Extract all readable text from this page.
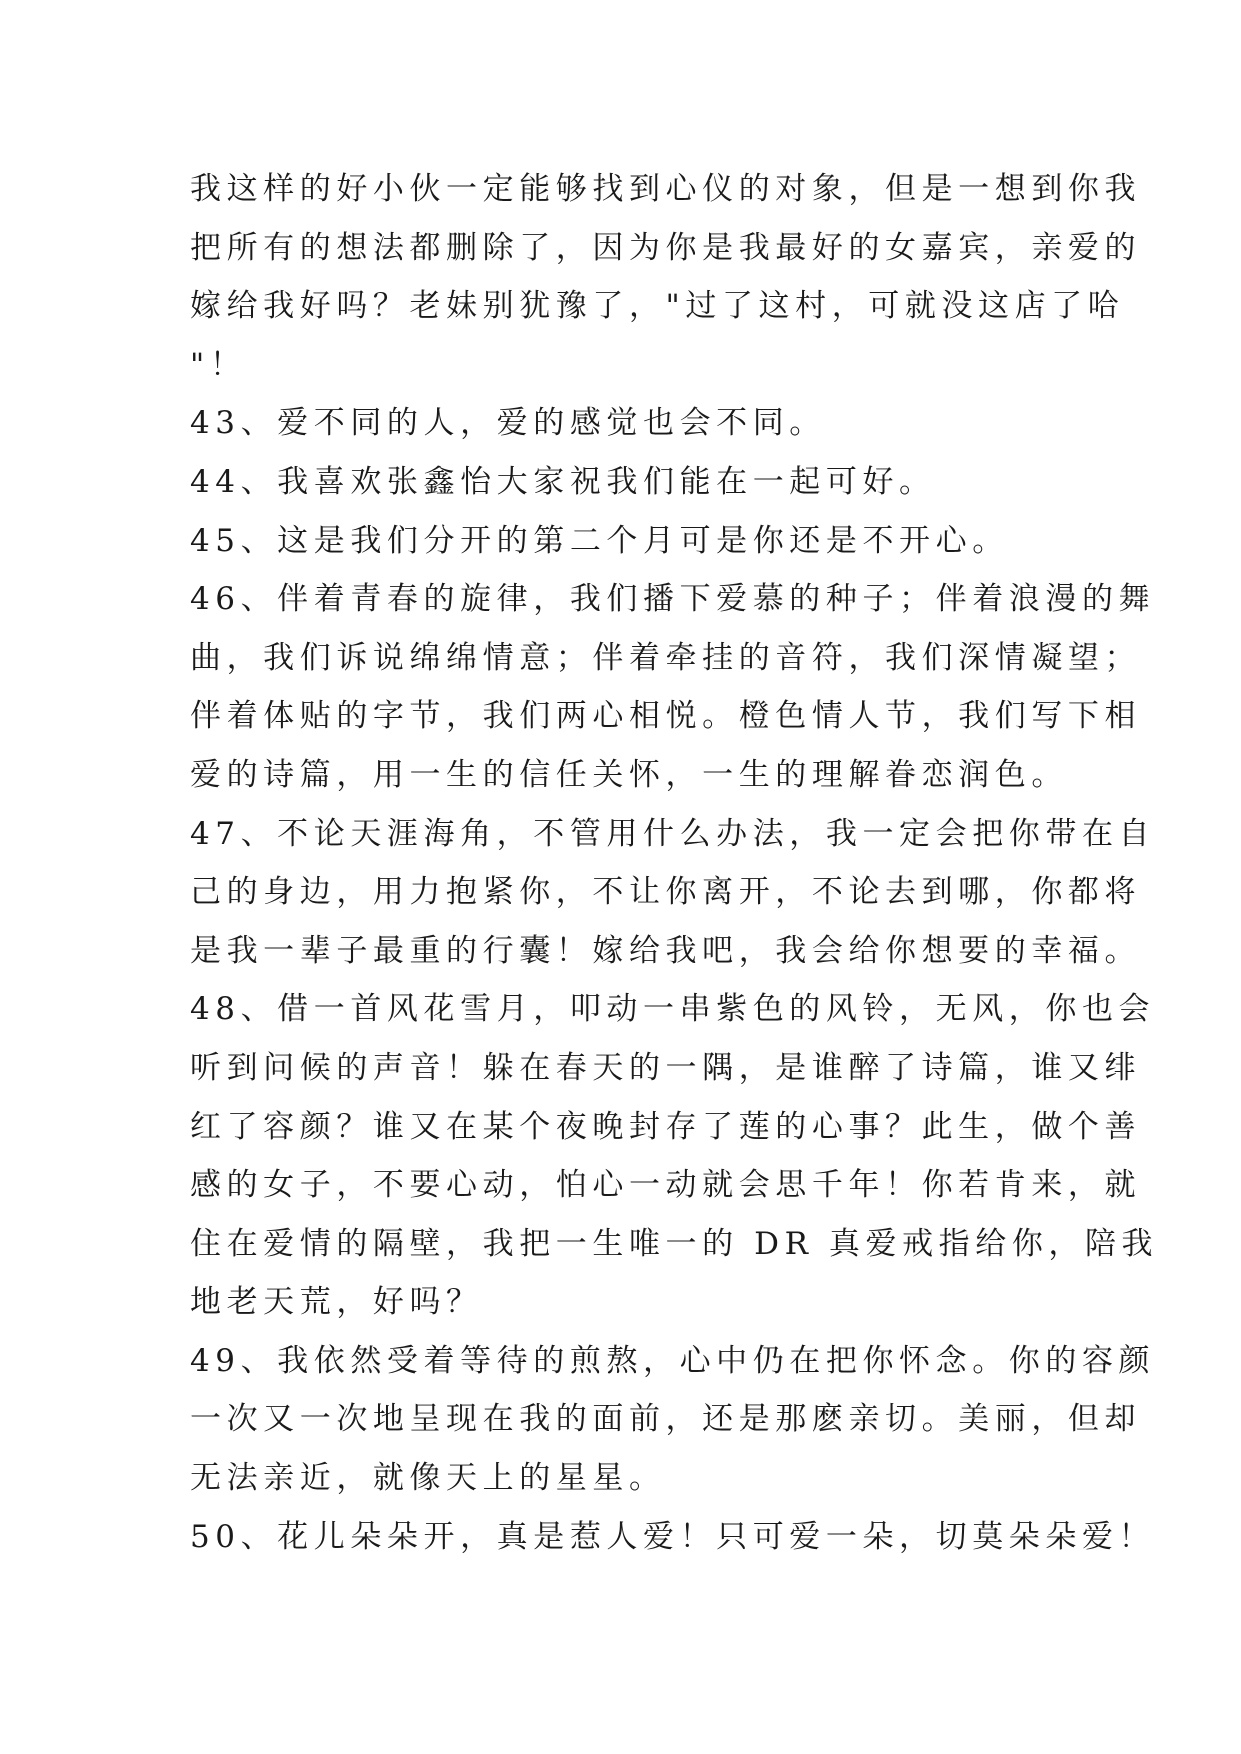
我这样的好小伙一定能够找到心仪的对象，但是一想到你我
把所有的想法都删除了，因为你是我最好的女嘉宾，亲爱的
嫁给我好吗？老妹别犹豫了，"过了这村，可就没这店了哈
"！
43、爱不同的人，爱的感觉也会不同。
44、我喜欢张鑫怡大家祝我们能在一起可好。
45、这是我们分开的第二个月可是你还是不开心。
46、伴着青春的旋律，我们播下爱慕的种子；伴着浪漫的舞
曲，我们诉说绵绵情意；伴着牵挂的音符，我们深情凝望；
伴着体贴的字节，我们两心相悦。橙色情人节，我们写下相
爱的诗篇，用一生的信任关怀，一生的理解眷恋润色。
47、不论天涯海角，不管用什么办法，我一定会把你带在自
己的身边，用力抱紧你，不让你离开，不论去到哪，你都将
是我一辈子最重的行囊！嫁给我吧，我会给你想要的幸福。
48、借一首风花雪月，叩动一串紫色的风铃，无风，你也会
听到问候的声音！躲在春天的一隅，是谁醉了诗篇，谁又绯
红了容颜？谁又在某个夜晚封存了莲的心事？此生，做个善
感的女子，不要心动，怕心一动就会思千年！你若肯来，就
住在爱情的隔壁，我把一生唯一的 DR 真爱戒指给你，陪我
地老天荒，好吗？
49、我依然受着等待的煎熬，心中仍在把你怀念。你的容颜
一次又一次地呈现在我的面前，还是那麽亲切。美丽，但却
无法亲近，就像天上的星星。
50、花儿朵朵开，真是惹人爱！只可爱一朵，切莫朵朵爱！
